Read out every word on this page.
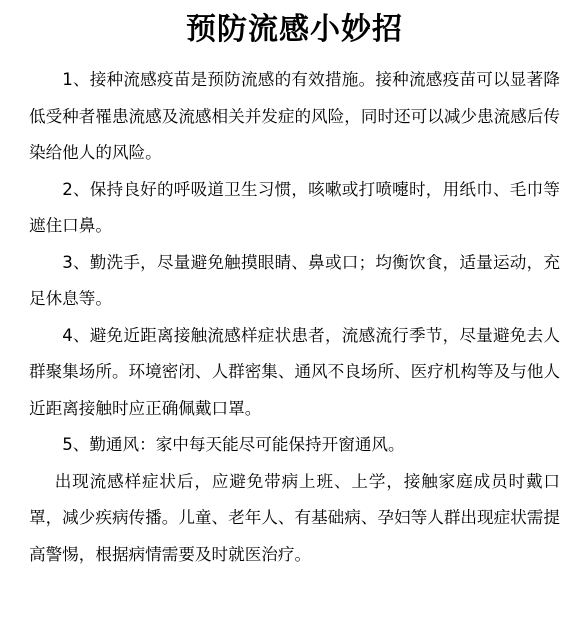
预防流感小妙招

1、接种流感疫苗是预防流感的有效措施。接种流感疫苗可以显著降低受种者罹患流感及流感相关并发症的风险，同时还可以减少患流感后传染给他人的风险。

2、保持良好的呼吸道卫生习惯，咳嗽或打喷嚏时，用纸巾、毛巾等遮住口鼻。

3、勤洗手，尽量避免触摸眼睛、鼻或口；均衡饮食，适量运动，充足休息等。

4、避免近距离接触流感样症状患者，流感流行季节，尽量避免去人群聚集场所。环境密闭、人群密集、通风不良场所、医疗机构等及与他人近距离接触时应正确佩戴口罩。

5、勤通风：家中每天能尽可能保持开窗通风。

出现流感样症状后，应避免带病上班、上学，接触家庭成员时戴口罩，减少疾病传播。儿童、老年人、有基础病、孕妇等人群出现症状需提高警惕，根据病情需要及时就医治疗。
